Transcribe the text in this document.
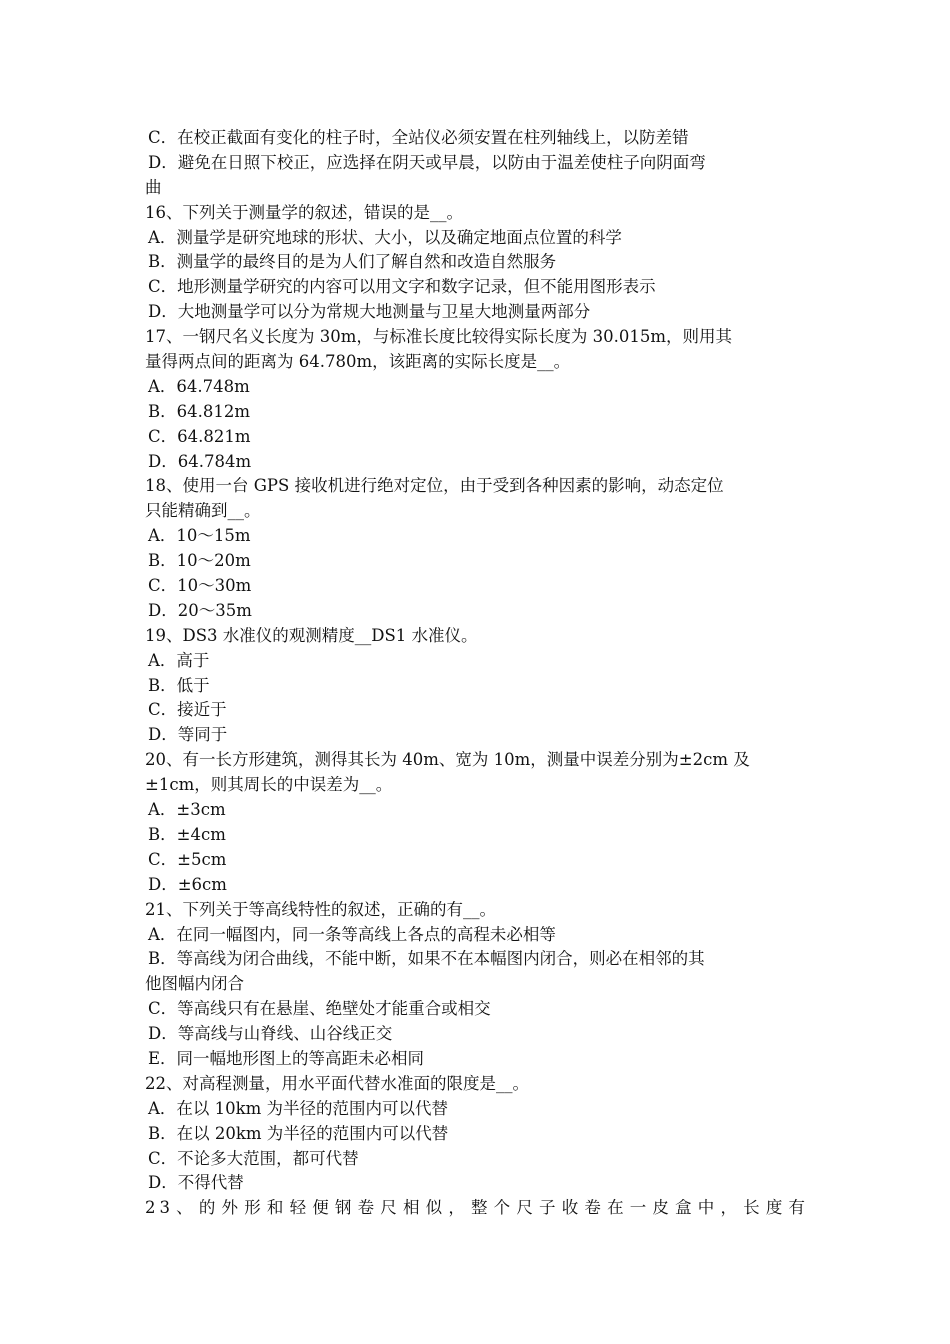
C．在校正截面有变化的柱子时，全站仪必须安置在柱列轴线上，以防差错
D．避免在日照下校正，应选择在阴天或早晨，以防由于温差使柱子向阴面弯
曲
16、下列关于测量学的叙述，错误的是__。
A．测量学是研究地球的形状、大小，以及确定地面点位置的科学
B．测量学的最终目的是为人们了解自然和改造自然服务
C．地形测量学研究的内容可以用文字和数字记录，但不能用图形表示
D．大地测量学可以分为常规大地测量与卫星大地测量两部分
17、一钢尺名义长度为 30m，与标准长度比较得实际长度为 30.015m，则用其
量得两点间的距离为 64.780m，该距离的实际长度是__。
A．64.748m
B．64.812m
C．64.821m
D．64.784m
18、使用一台 GPS 接收机进行绝对定位，由于受到各种因素的影响，动态定位
只能精确到__。
A．10～15m
B．10～20m
C．10～30m
D．20～35m
19、DS3 水准仪的观测精度__DS1 水准仪。
A．高于
B．低于
C．接近于
D．等同于
20、有一长方形建筑，测得其长为 40m、宽为 10m，测量中误差分别为±2cm 及
±1cm，则其周长的中误差为__。
A．±3cm
B．±4cm
C．±5cm
D．±6cm
21、下列关于等高线特性的叙述，正确的有__。
A．在同一幅图内，同一条等高线上各点的高程未必相等
B．等高线为闭合曲线，不能中断，如果不在本幅图内闭合，则必在相邻的其
他图幅内闭合
C．等高线只有在悬崖、绝壁处才能重合或相交
D．等高线与山脊线、山谷线正交
E．同一幅地形图上的等高距未必相同
22、对高程测量，用水平面代替水准面的限度是__。
A．在以 10km 为半径的范围内可以代替
B．在以 20km 为半径的范围内可以代替
C．不论多大范围，都可代替
D．不得代替
23、的外形和轻便钢卷尺相似，整个尺子收卷在一皮盒中，长度有
